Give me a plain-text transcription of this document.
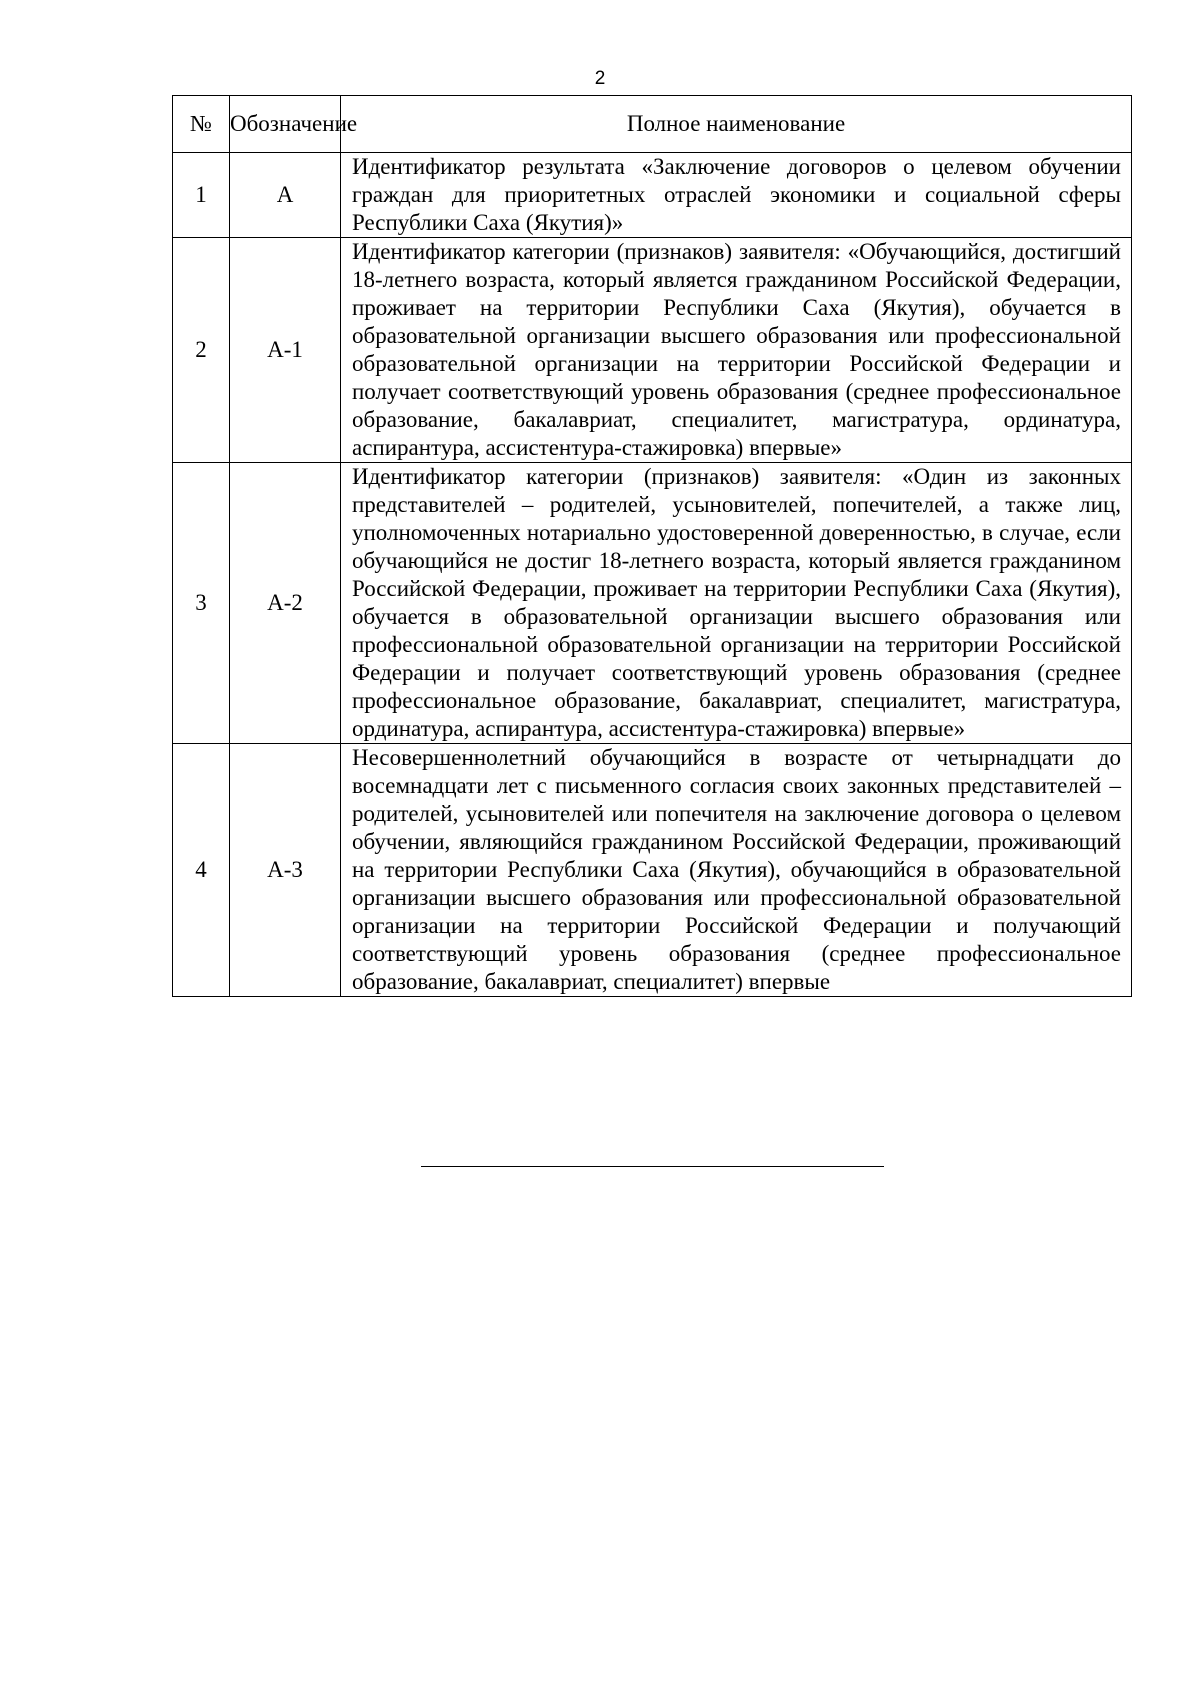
2
№	Обозначение	Полное наименование
1	А	Идентификатор результата «Заключение договоров о целевом обучении граждан для приоритетных отраслей экономики и социальной сферы Республики Саха (Якутия)»
2	А-1	Идентификатор категории (признаков) заявителя: «Обучающийся, достигший 18-летнего возраста, который является гражданином Российской Федерации, проживает на территории Республики Саха (Якутия), обучается в образовательной организации высшего образования или профессиональной образовательной организации на территории Российской Федерации и получает соответствующий уровень образования (среднее профессиональное образование, бакалавриат, специалитет, магистратура, ординатура, аспирантура, ассистентура-стажировка) впервые»
3	А-2	Идентификатор категории (признаков) заявителя: «Один из законных представителей – родителей, усыновителей, попечителей, а также лиц, уполномоченных нотариально удостоверенной доверенностью, в случае, если обучающийся не достиг 18-летнего возраста, который является гражданином Российской Федерации, проживает на территории Республики Саха (Якутия), обучается в образовательной организации высшего образования или профессиональной образовательной организации на территории Российской Федерации и получает соответствующий уровень образования (среднее профессиональное образование, бакалавриат, специалитет, магистратура, ординатура, аспирантура, ассистентура-стажировка) впервые»
4	А-3	Несовершеннолетний обучающийся в возрасте от четырнадцати до восемнадцати лет с письменного согласия своих законных представителей – родителей, усыновителей или попечителя на заключение договора о целевом обучении, являющийся гражданином Российской Федерации, проживающий на территории Республики Саха (Якутия), обучающийся в образовательной организации высшего образования или профессиональной образовательной организации на территории Российской Федерации и получающий соответствующий уровень образования (среднее профессиональное образование, бакалавриат, специалитет) впервые
